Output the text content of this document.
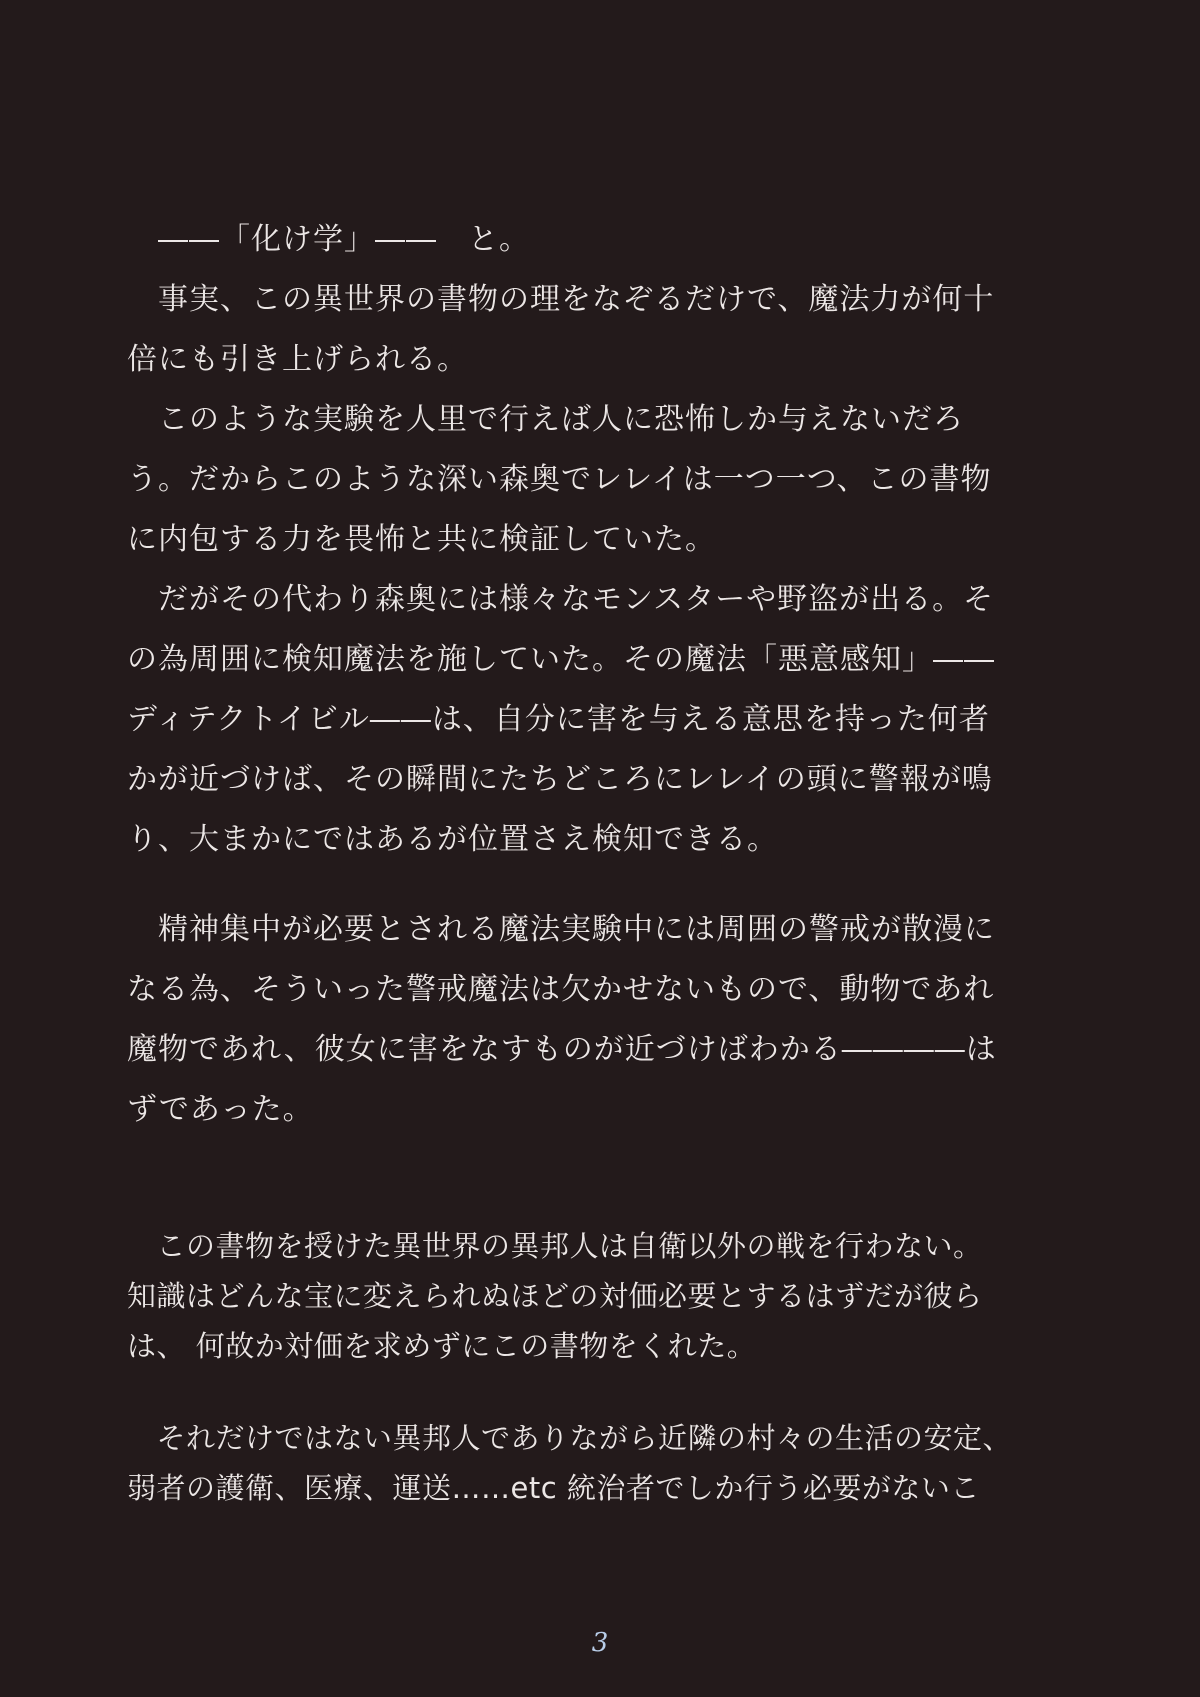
　――「化け学」――　と。
　事実、この異世界の書物の理をなぞるだけで、魔法力が何十
倍にも引き上げられる。
　このような実験を人里で行えば人に恐怖しか与えないだろ
う。だからこのような深い森奥でレレイは一つ一つ、この書物
に内包する力を畏怖と共に検証していた。
　だがその代わり森奥には様々なモンスターや野盗が出る。そ
の為周囲に検知魔法を施していた。その魔法「悪意感知」――
ディテクトイビル――は、自分に害を与える意思を持った何者
かが近づけば、その瞬間にたちどころにレレイの頭に警報が鳴
り、大まかにではあるが位置さえ検知できる。
　精神集中が必要とされる魔法実験中には周囲の警戒が散漫に
なる為、そういった警戒魔法は欠かせないもので、動物であれ
魔物であれ、彼女に害をなすものが近づけばわかる――――は
ずであった。
　この書物を授けた異世界の異邦人は自衛以外の戦を行わない。
知識はどんな宝に変えられぬほどの対価必要とするはずだが彼ら
は、 何故か対価を求めずにこの書物をくれた。
　それだけではない異邦人でありながら近隣の村々の生活の安定、
弱者の護衛、医療、運送……etc 統治者でしか行う必要がないこ
3
